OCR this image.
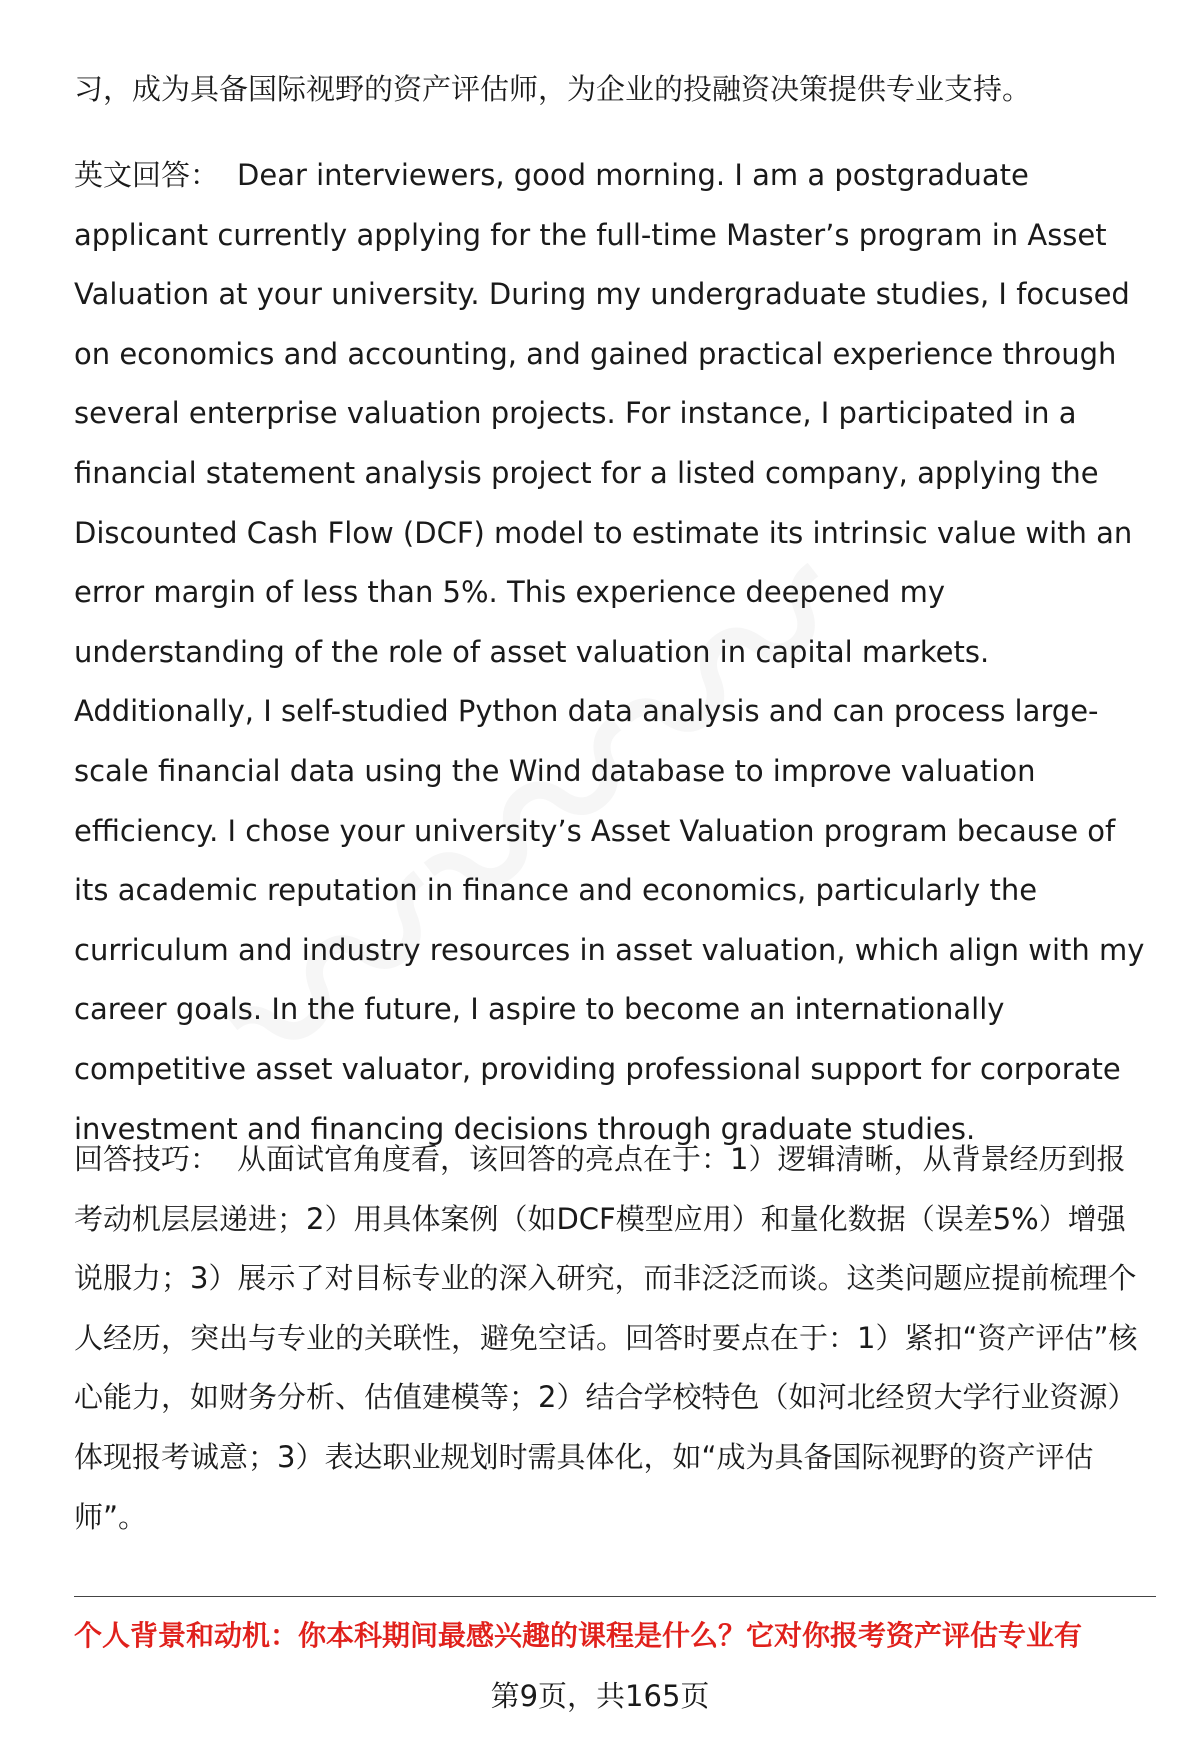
习，成为具备国际视野的资产评估师，为企业的投融资决策提供专业支持。

英文回答： Dear interviewers, good morning. I am a postgraduate applicant currently applying for the full-time Master’s program in Asset Valuation at your university. During my undergraduate studies, I focused on economics and accounting, and gained practical experience through several enterprise valuation projects. For instance, I participated in a financial statement analysis project for a listed company, applying the Discounted Cash Flow (DCF) model to estimate its intrinsic value with an error margin of less than 5%. This experience deepened my understanding of the role of asset valuation in capital markets. Additionally, I self-studied Python data analysis and can process large-scale financial data using the Wind database to improve valuation efficiency. I chose your university’s Asset Valuation program because of its academic reputation in finance and economics, particularly the curriculum and industry resources in asset valuation, which align with my career goals. In the future, I aspire to become an internationally competitive asset valuator, providing professional support for corporate investment and financing decisions through graduate studies.

回答技巧： 从面试官角度看，该回答的亮点在于：1）逻辑清晰，从背景经历到报考动机层层递进；2）用具体案例（如DCF模型应用）和量化数据（误差5%）增强说服力；3）展示了对目标专业的深入研究，而非泛泛而谈。这类问题应提前梳理个人经历，突出与专业的关联性，避免空话。回答时要点在于：1）紧扣“资产评估”核心能力，如财务分析、估值建模等；2）结合学校特色（如河北经贸大学行业资源）体现报考诚意；3）表达职业规划时需具体化，如“成为具备国际视野的资产评估师”。

个人背景和动机：你本科期间最感兴趣的课程是什么？它对你报考资产评估专业有
第9页，共165页
